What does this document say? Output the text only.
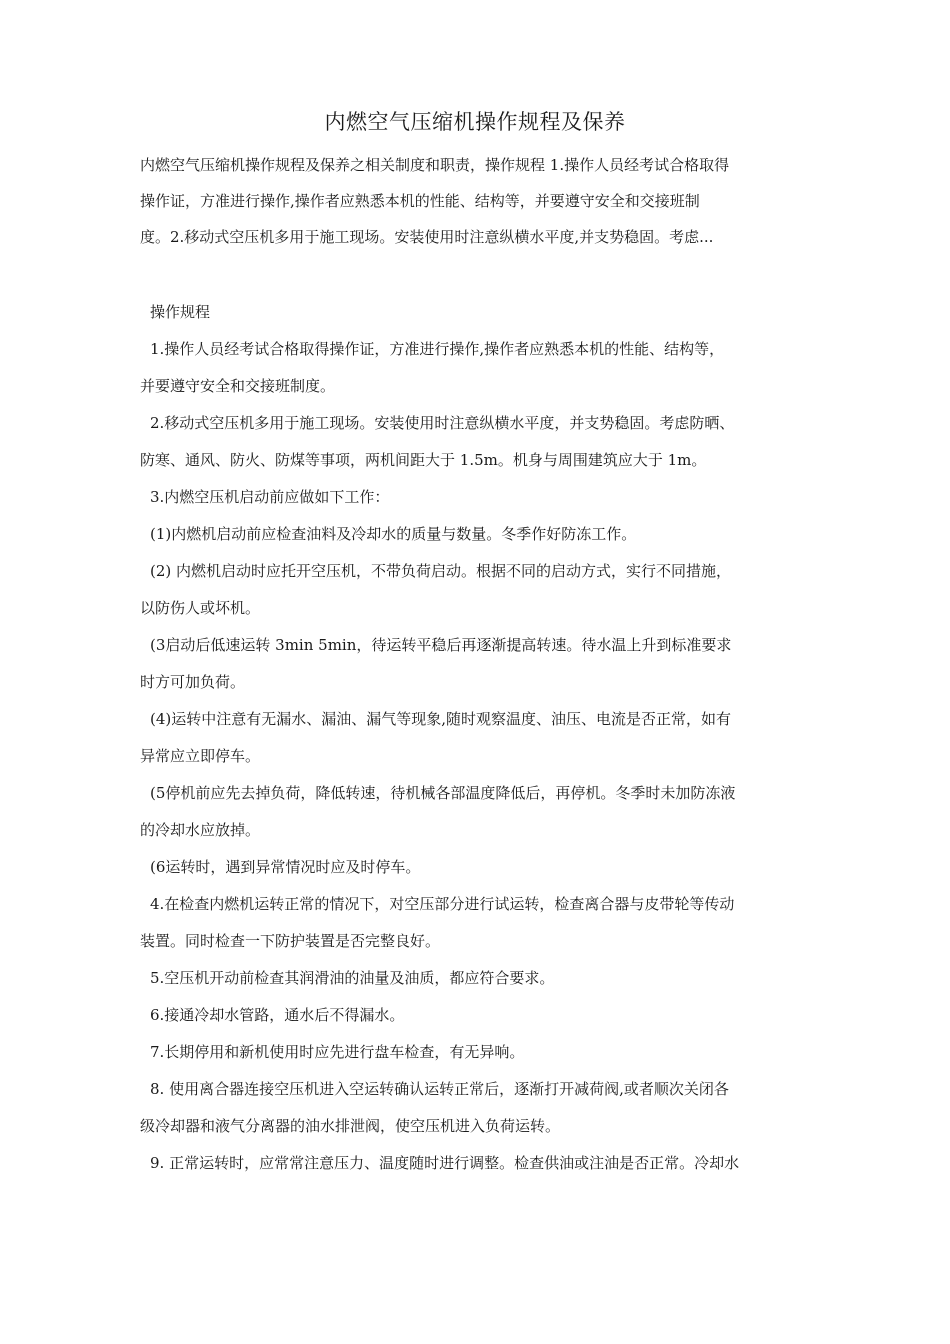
内燃空气压缩机操作规程及保养
内燃空气压缩机操作规程及保养之相关制度和职责，操作规程 1.操作人员经考试合格取得
操作证，方准进行操作,操作者应熟悉本机的性能、结构等，并要遵守安全和交接班制
度。2.移动式空压机多用于施工现场。安装使用时注意纵横水平度,并支势稳固。考虑...
操作规程
1.操作人员经考试合格取得操作证，方准进行操作,操作者应熟悉本机的性能、结构等，
并要遵守安全和交接班制度。
2.移动式空压机多用于施工现场。安装使用时注意纵横水平度，并支势稳固。考虑防晒、
防寒、通风、防火、防煤等事项，两机间距大于 1.5m。机身与周围建筑应大于 1m。
3.内燃空压机启动前应做如下工作：
(1)内燃机启动前应检查油料及冷却水的质量与数量。冬季作好防冻工作。
(2) 内燃机启动时应托开空压机，不带负荷启动。根据不同的启动方式，实行不同措施，
以防伤人或坏机。
(3启动后低速运转 3min 5min，待运转平稳后再逐渐提高转速。待水温上升到标准要求
时方可加负荷。
(4)运转中注意有无漏水、漏油、漏气等现象,随时观察温度、油压、电流是否正常，如有
异常应立即停车。
(5停机前应先去掉负荷，降低转速，待机械各部温度降低后，再停机。冬季时未加防冻液
的冷却水应放掉。
(6运转时，遇到异常情况时应及时停车。
4.在检查内燃机运转正常的情况下，对空压部分进行试运转，检查离合器与皮带轮等传动
装置。同时检查一下防护装置是否完整良好。
5.空压机开动前检查其润滑油的油量及油质，都应符合要求。
6.接通冷却水管路，通水后不得漏水。
7.长期停用和新机使用时应先进行盘车检查，有无异响。
8. 使用离合器连接空压机进入空运转确认运转正常后，逐渐打开减荷阀,或者顺次关闭各
级冷却器和液气分离器的油水排泄阀，使空压机进入负荷运转。
9. 正常运转时，应常常注意压力、温度随时进行调整。检查供油或注油是否正常。冷却水
